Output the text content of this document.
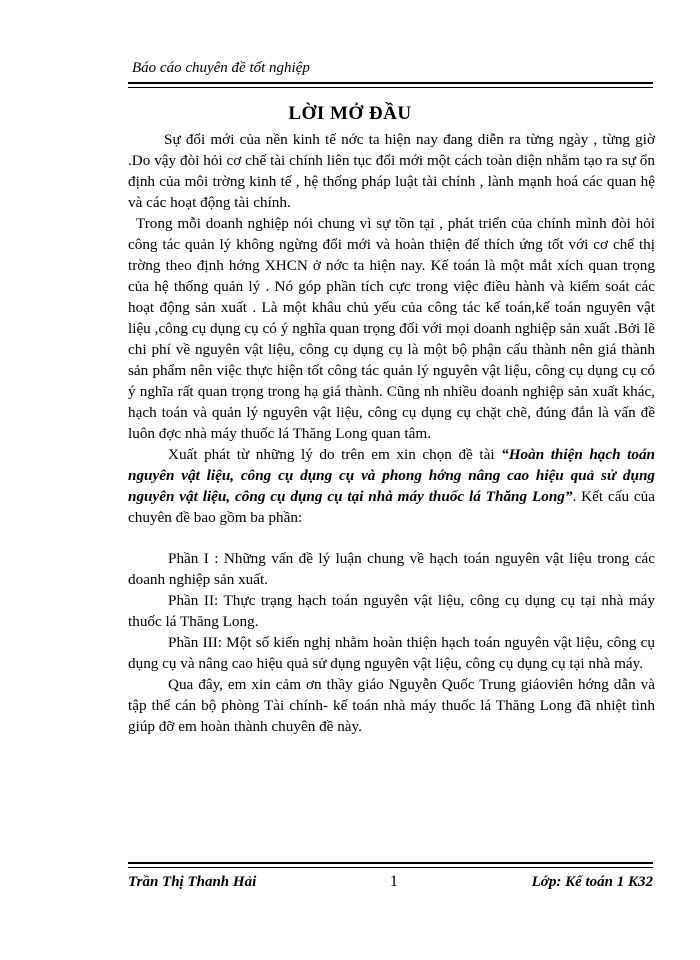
Báo cáo chuyên đề tốt nghiệp
LỜI MỞ ĐẦU

Sự đổi mới của nền kinh tế nớc ta hiện nay đang diễn ra từng ngày , từng giờ .Do vậy đòi hỏi cơ chế tài chính liên tục đổi mới một cách toàn diện nhằm tạo ra sự ổn định của môi trờng kinh tế , hệ thống pháp luật tài chính , lành mạnh hoá các quan hệ và các hoạt động tài chính.

Trong mỗi doanh nghiệp nói chung vì sự tồn tại , phát triển của chính mình đòi hỏi công tác quản lý không ngừng đổi mới và hoàn thiện để thích ứng tốt với cơ chế thị trờng theo định hớng XHCN ở nớc ta hiện nay. Kế toán là một mắt xích quan trọng của hệ thống quản lý . Nó góp phần tích cực trong việc điều hành và kiểm soát các hoạt động sản xuất . Là một khâu chủ yếu của công tác kế toán,kế toán nguyên vật liệu ,công cụ dụng cụ có ý nghĩa quan trọng đối với mọi doanh nghiệp sản xuất .Bởi lẽ chi phí về nguyên vật liệu, công cụ dụng cụ là một bộ phận cấu thành nên giá thành sản phẩm nên việc thực hiện tốt công tác quản lý nguyên vật liệu, công cụ dụng cụ có ý nghĩa rất quan trọng trong hạ giá thành. Cũng nh nhiều doanh nghiệp sản xuất khác, hạch toán và quản lý nguyên vật liệu, công cụ dụng cụ chặt chẽ, đúng đắn là vấn đề luôn đợc nhà máy thuốc lá Thăng Long quan tâm.

Xuất phát từ những lý do trên em xin chọn đề tài “Hoàn thiện hạch toán nguyên vật liệu, công cụ dụng cụ và phong hớng nâng cao hiệu quả sử dụng nguyên vật liệu, công cụ dụng cụ tại nhà máy thuốc lá Thăng Long”. Kết cấu của chuyên đề bao gồm ba phần:

Phần I : Những vấn đề lý luận chung về hạch toán nguyên vật liệu trong các doanh nghiệp sản xuất.

Phần II: Thực trạng hạch toán nguyên vật liệu, công cụ dụng cụ tại nhà máy thuốc lá Thăng Long.

Phần III: Một số kiến nghị nhằm hoàn thiện hạch toán nguyên vật liệu, công cụ dụng cụ và nâng cao hiệu quả sử dụng nguyên vật liệu, công cụ dụng cụ tại nhà máy.

Qua đây, em xin cảm ơn thầy giáo Nguyễn Quốc Trung giáoviên hớng dẫn và tập thể cán bộ phòng Tài chính- kế toán nhà máy thuốc lá Thăng Long đã nhiệt tình giúp đỡ em hoàn thành chuyên đề này.

Trần Thị Thanh Hải	1	Lớp: Kế toán 1 K32
